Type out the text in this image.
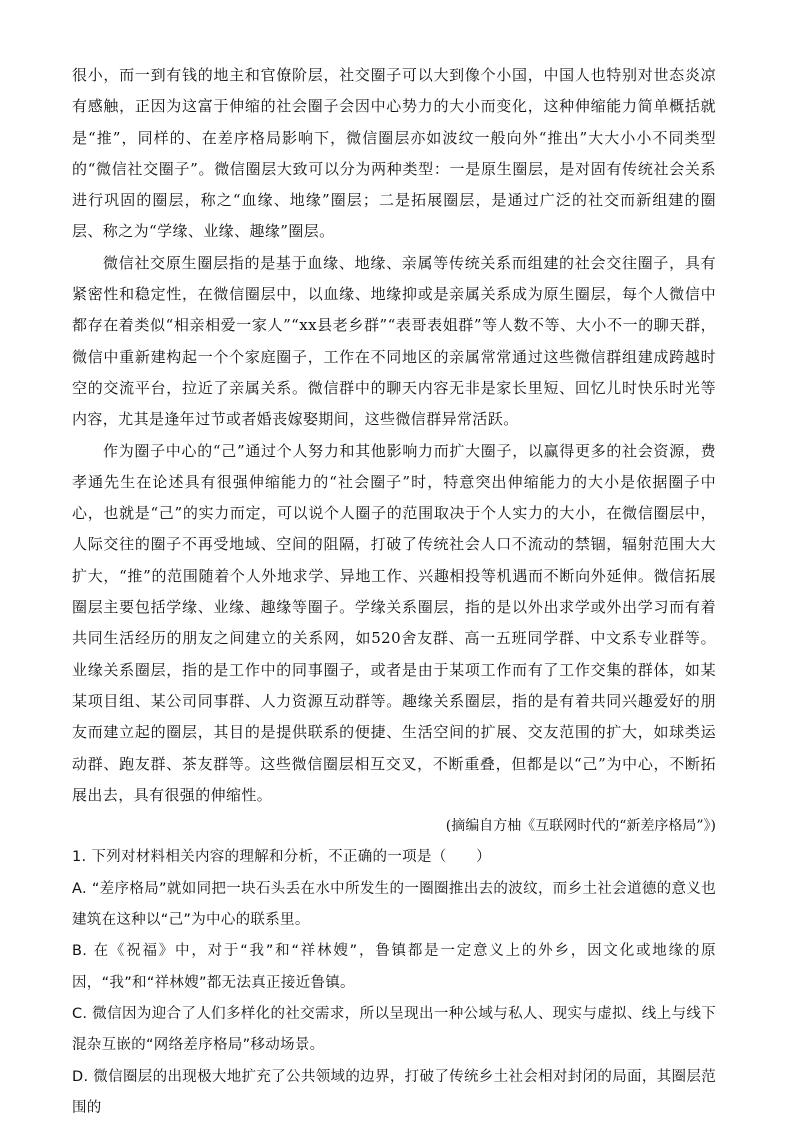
很小，而一到有钱的地主和官僚阶层，社交圈子可以大到像个小国，中国人也特别对世态炎凉有感触，正因为这富于伸缩的社会圈子会因中心势力的大小而变化，这种伸缩能力简单概括就是“推”，同样的、在差序格局影响下，微信圈层亦如波纹一般向外“推出”大大小小不同类型的“微信社交圈子”。微信圈层大致可以分为两种类型：一是原生圈层，是对固有传统社会关系进行巩固的圈层，称之“血缘、地缘”圈层；二是拓展圈层，是通过广泛的社交而新组建的圈层、称之为“学缘、业缘、趣缘”圈层。

微信社交原生圈层指的是基于血缘、地缘、亲属等传统关系而组建的社会交往圈子，具有紧密性和稳定性，在微信圈层中，以血缘、地缘抑或是亲属关系成为原生圈层，每个人微信中都存在着类似“相亲相爱一家人”“xx县老乡群”“表哥表姐群”等人数不等、大小不一的聊天群，微信中重新建构起一个个家庭圈子，工作在不同地区的亲属常常通过这些微信群组建成跨越时空的交流平台，拉近了亲属关系。微信群中的聊天内容无非是家长里短、回忆儿时快乐时光等内容，尤其是逢年过节或者婚丧嫁娶期间，这些微信群异常活跃。

作为圈子中心的“己”通过个人努力和其他影响力而扩大圈子，以赢得更多的社会资源，费孝通先生在论述具有很强伸缩能力的“社会圈子”时，特意突出伸缩能力的大小是依据圈子中心，也就是“己”的实力而定，可以说个人圈子的范围取决于个人实力的大小，在微信圈层中，人际交往的圈子不再受地域、空间的阻隔，打破了传统社会人口不流动的禁锢，辐射范围大大扩大，“推”的范围随着个人外地求学、异地工作、兴趣相投等机遇而不断向外延伸。微信拓展圈层主要包括学缘、业缘、趣缘等圈子。学缘关系圈层，指的是以外出求学或外出学习而有着共同生活经历的朋友之间建立的关系网，如520舍友群、高一五班同学群、中文系专业群等。业缘关系圈层，指的是工作中的同事圈子，或者是由于某项工作而有了工作交集的群体，如某某项目组、某公司同事群、人力资源互动群等。趣缘关系圈层，指的是有着共同兴趣爱好的朋友而建立起的圈层，其目的是提供联系的便捷、生活空间的扩展、交友范围的扩大，如球类运动群、跑友群、茶友群等。这些微信圈层相互交叉，不断重叠，但都是以“己”为中心，不断拓展出去，具有很强的伸缩性。

(摘编自方柚《互联网时代的“新差序格局”》)

1. 下列对材料相关内容的理解和分析，不正确的一项是（　　）

A. “差序格局”就如同把一块石头丢在水中所发生的一圈圈推出去的波纹，而乡土社会道德的意义也建筑在这种以“己”为中心的联系里。

B. 在《祝福》中，对于“我”和“祥林嫂”，鲁镇都是一定意义上的外乡，因文化或地缘的原因，“我”和“祥林嫂”都无法真正接近鲁镇。

C. 微信因为迎合了人们多样化的社交需求，所以呈现出一种公域与私人、现实与虚拟、线上与线下混杂互嵌的“网络差序格局”移动场景。

D. 微信圈层的出现极大地扩充了公共领域的边界，打破了传统乡土社会相对封闭的局面，其圈层范围的
